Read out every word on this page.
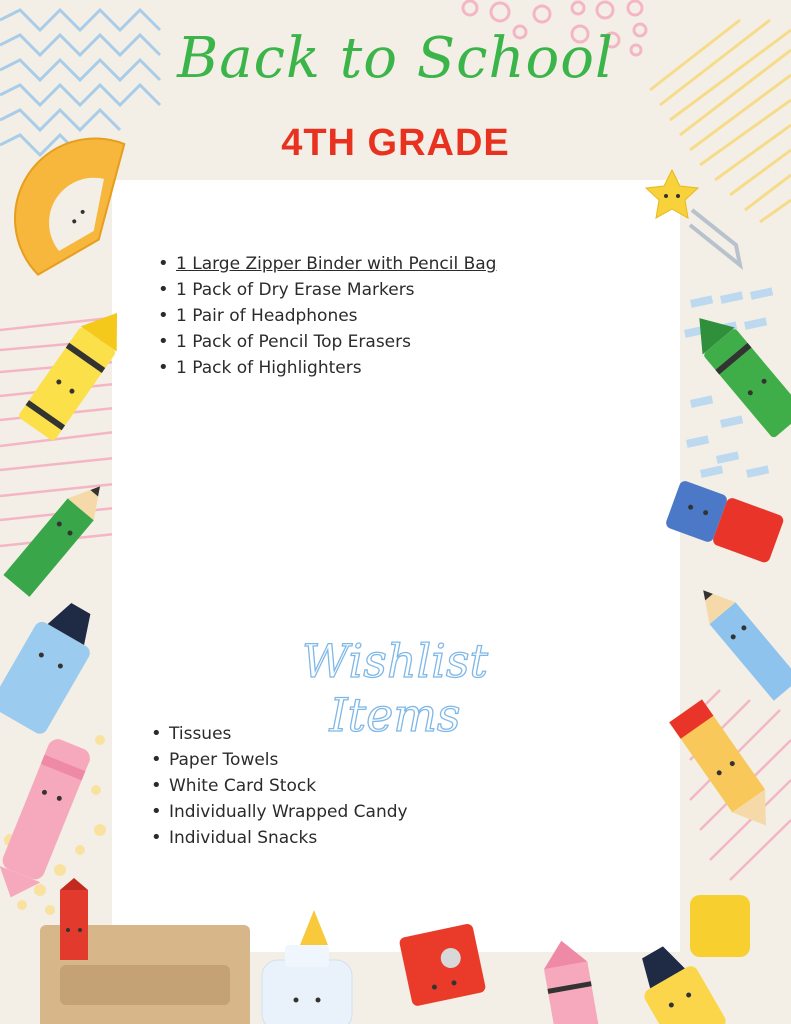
Back to School
4TH GRADE
• 1 Large Zipper Binder with Pencil Bag
• 1 Pack of Dry Erase Markers
• 1 Pair of Headphones
• 1 Pack of Pencil Top Erasers
• 1 Pack of Highlighters
Wishlist Items
• Tissues
• Paper Towels
• White Card Stock
• Individually Wrapped Candy
• Individual Snacks
